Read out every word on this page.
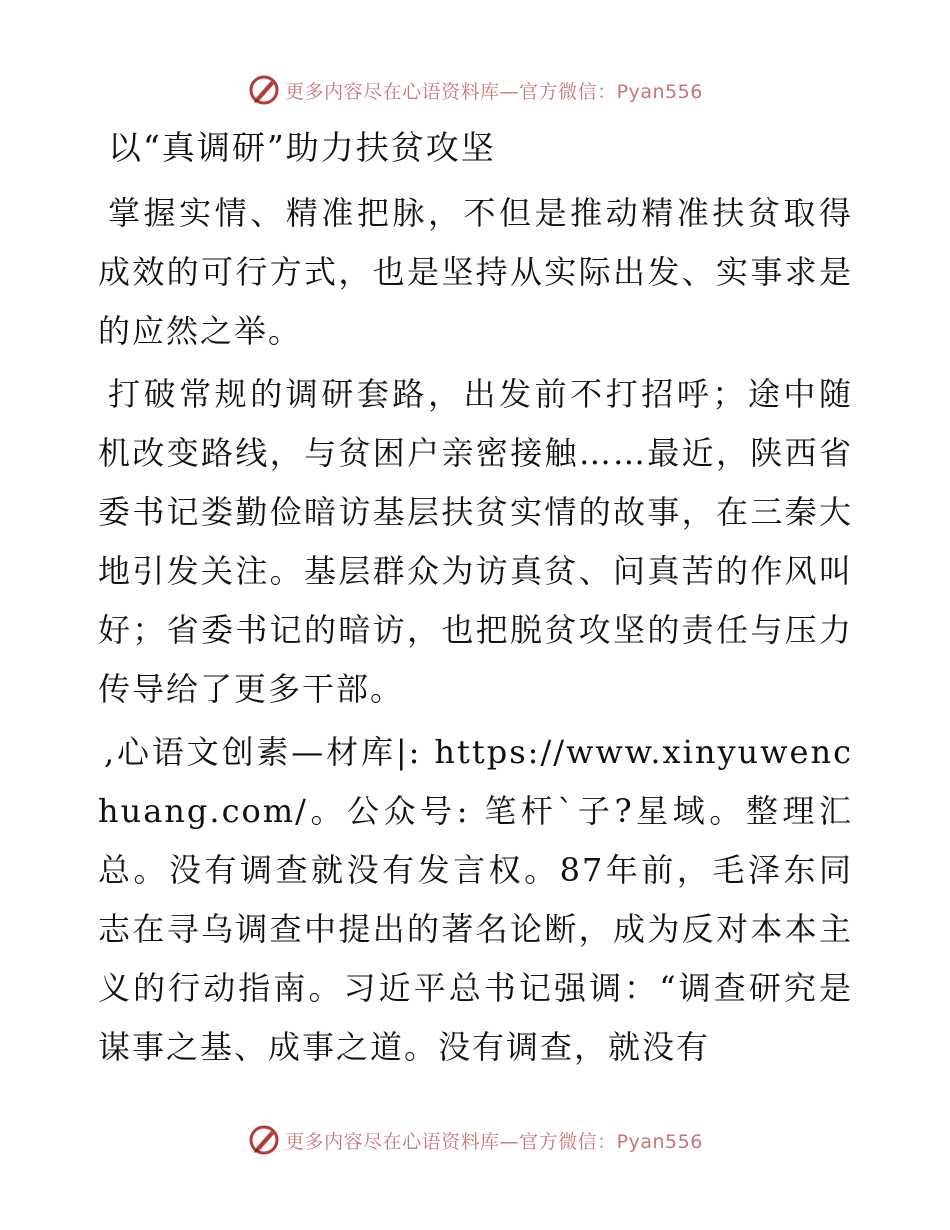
更多内容尽在心语资料库—官方微信：Pyan556
以“真调研”助力扶贫攻坚

掌握实情、精准把脉，不但是推动精准扶贫取得成效的可行方式，也是坚持从实际出发、实事求是的应然之举。

打破常规的调研套路，出发前不打招呼；途中随机改变路线，与贫困户亲密接触……最近，陕西省委书记娄勤俭暗访基层扶贫实情的故事，在三秦大地引发关注。基层群众为访真贫、问真苦的作风叫好；省委书记的暗访，也把脱贫攻坚的责任与压力传导给了更多干部。

,心语文创素—材库|: https://www.xinyuwenchuang.com/。公众号: 笔杆`子?星域。整理汇总。没有调查就没有发言权。87年前，毛泽东同志在寻乌调查中提出的著名论断，成为反对本本主义的行动指南。习近平总书记强调：“调查研究是谋事之基、成事之道。没有调查，就没有

更多内容尽在心语资料库—官方微信：Pyan556
